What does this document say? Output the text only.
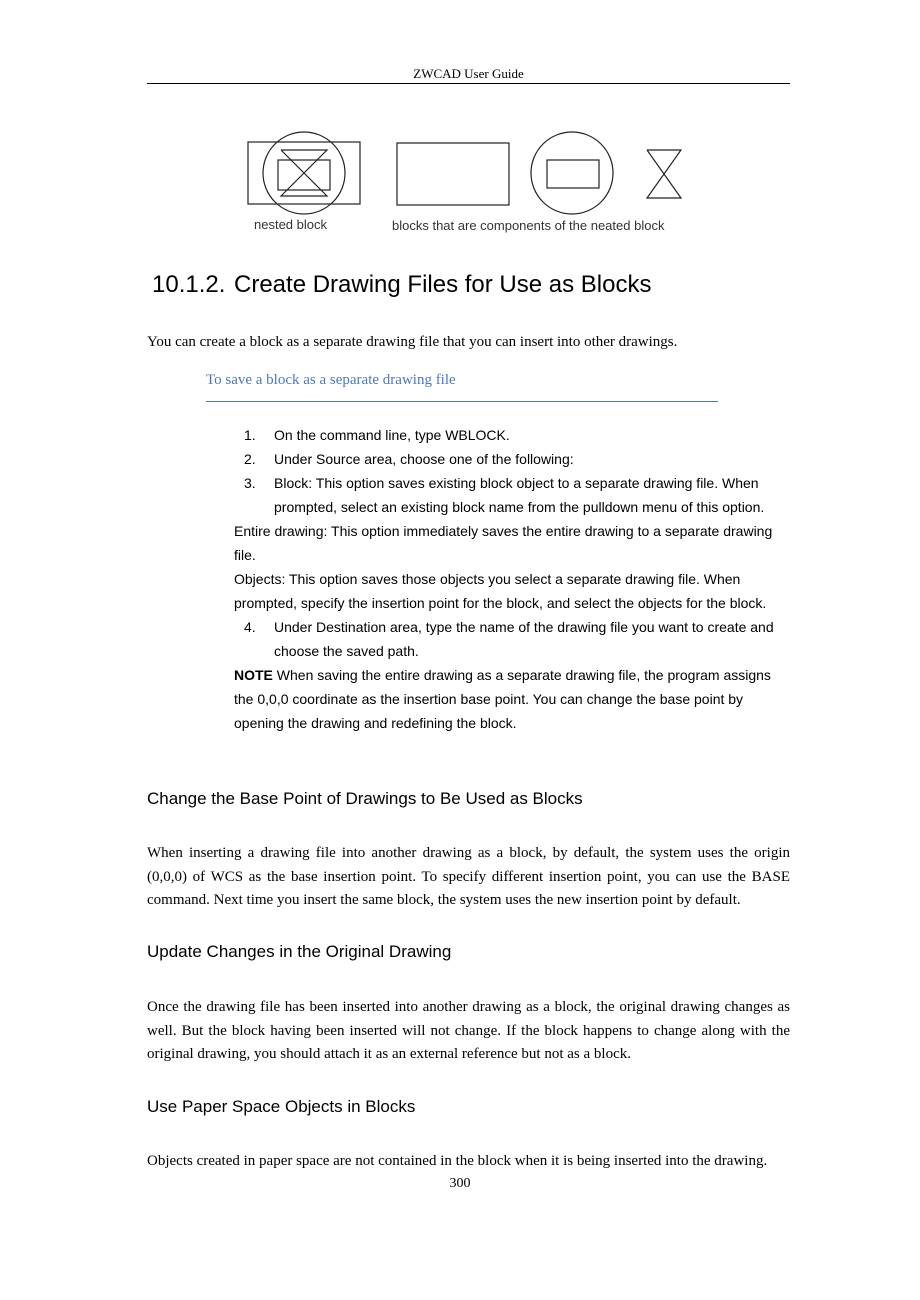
ZWCAD User Guide
nested block	blocks that are components of the neated block
10.1.2. Create Drawing Files for Use as Blocks
You can create a block as a separate drawing file that you can insert into other drawings.
To save a block as a separate drawing file
1. On the command line, type WBLOCK.
2. Under Source area, choose one of the following:
3. Block: This option saves existing block object to a separate drawing file. When prompted, select an existing block name from the pulldown menu of this option.
Entire drawing: This option immediately saves the entire drawing to a separate drawing file.
Objects: This option saves those objects you select a separate drawing file. When prompted, specify the insertion point for the block, and select the objects for the block.
4. Under Destination area, type the name of the drawing file you want to create and choose the saved path.
NOTE When saving the entire drawing as a separate drawing file, the program assigns the 0,0,0 coordinate as the insertion base point. You can change the base point by opening the drawing and redefining the block.
Change the Base Point of Drawings to Be Used as Blocks
When inserting a drawing file into another drawing as a block, by default, the system uses the origin (0,0,0) of WCS as the base insertion point. To specify different insertion point, you can use the BASE command. Next time you insert the same block, the system uses the new insertion point by default.
Update Changes in the Original Drawing
Once the drawing file has been inserted into another drawing as a block, the original drawing changes as well. But the block having been inserted will not change. If the block happens to change along with the original drawing, you should attach it as an external reference but not as a block.
Use Paper Space Objects in Blocks
Objects created in paper space are not contained in the block when it is being inserted into the drawing.
300
